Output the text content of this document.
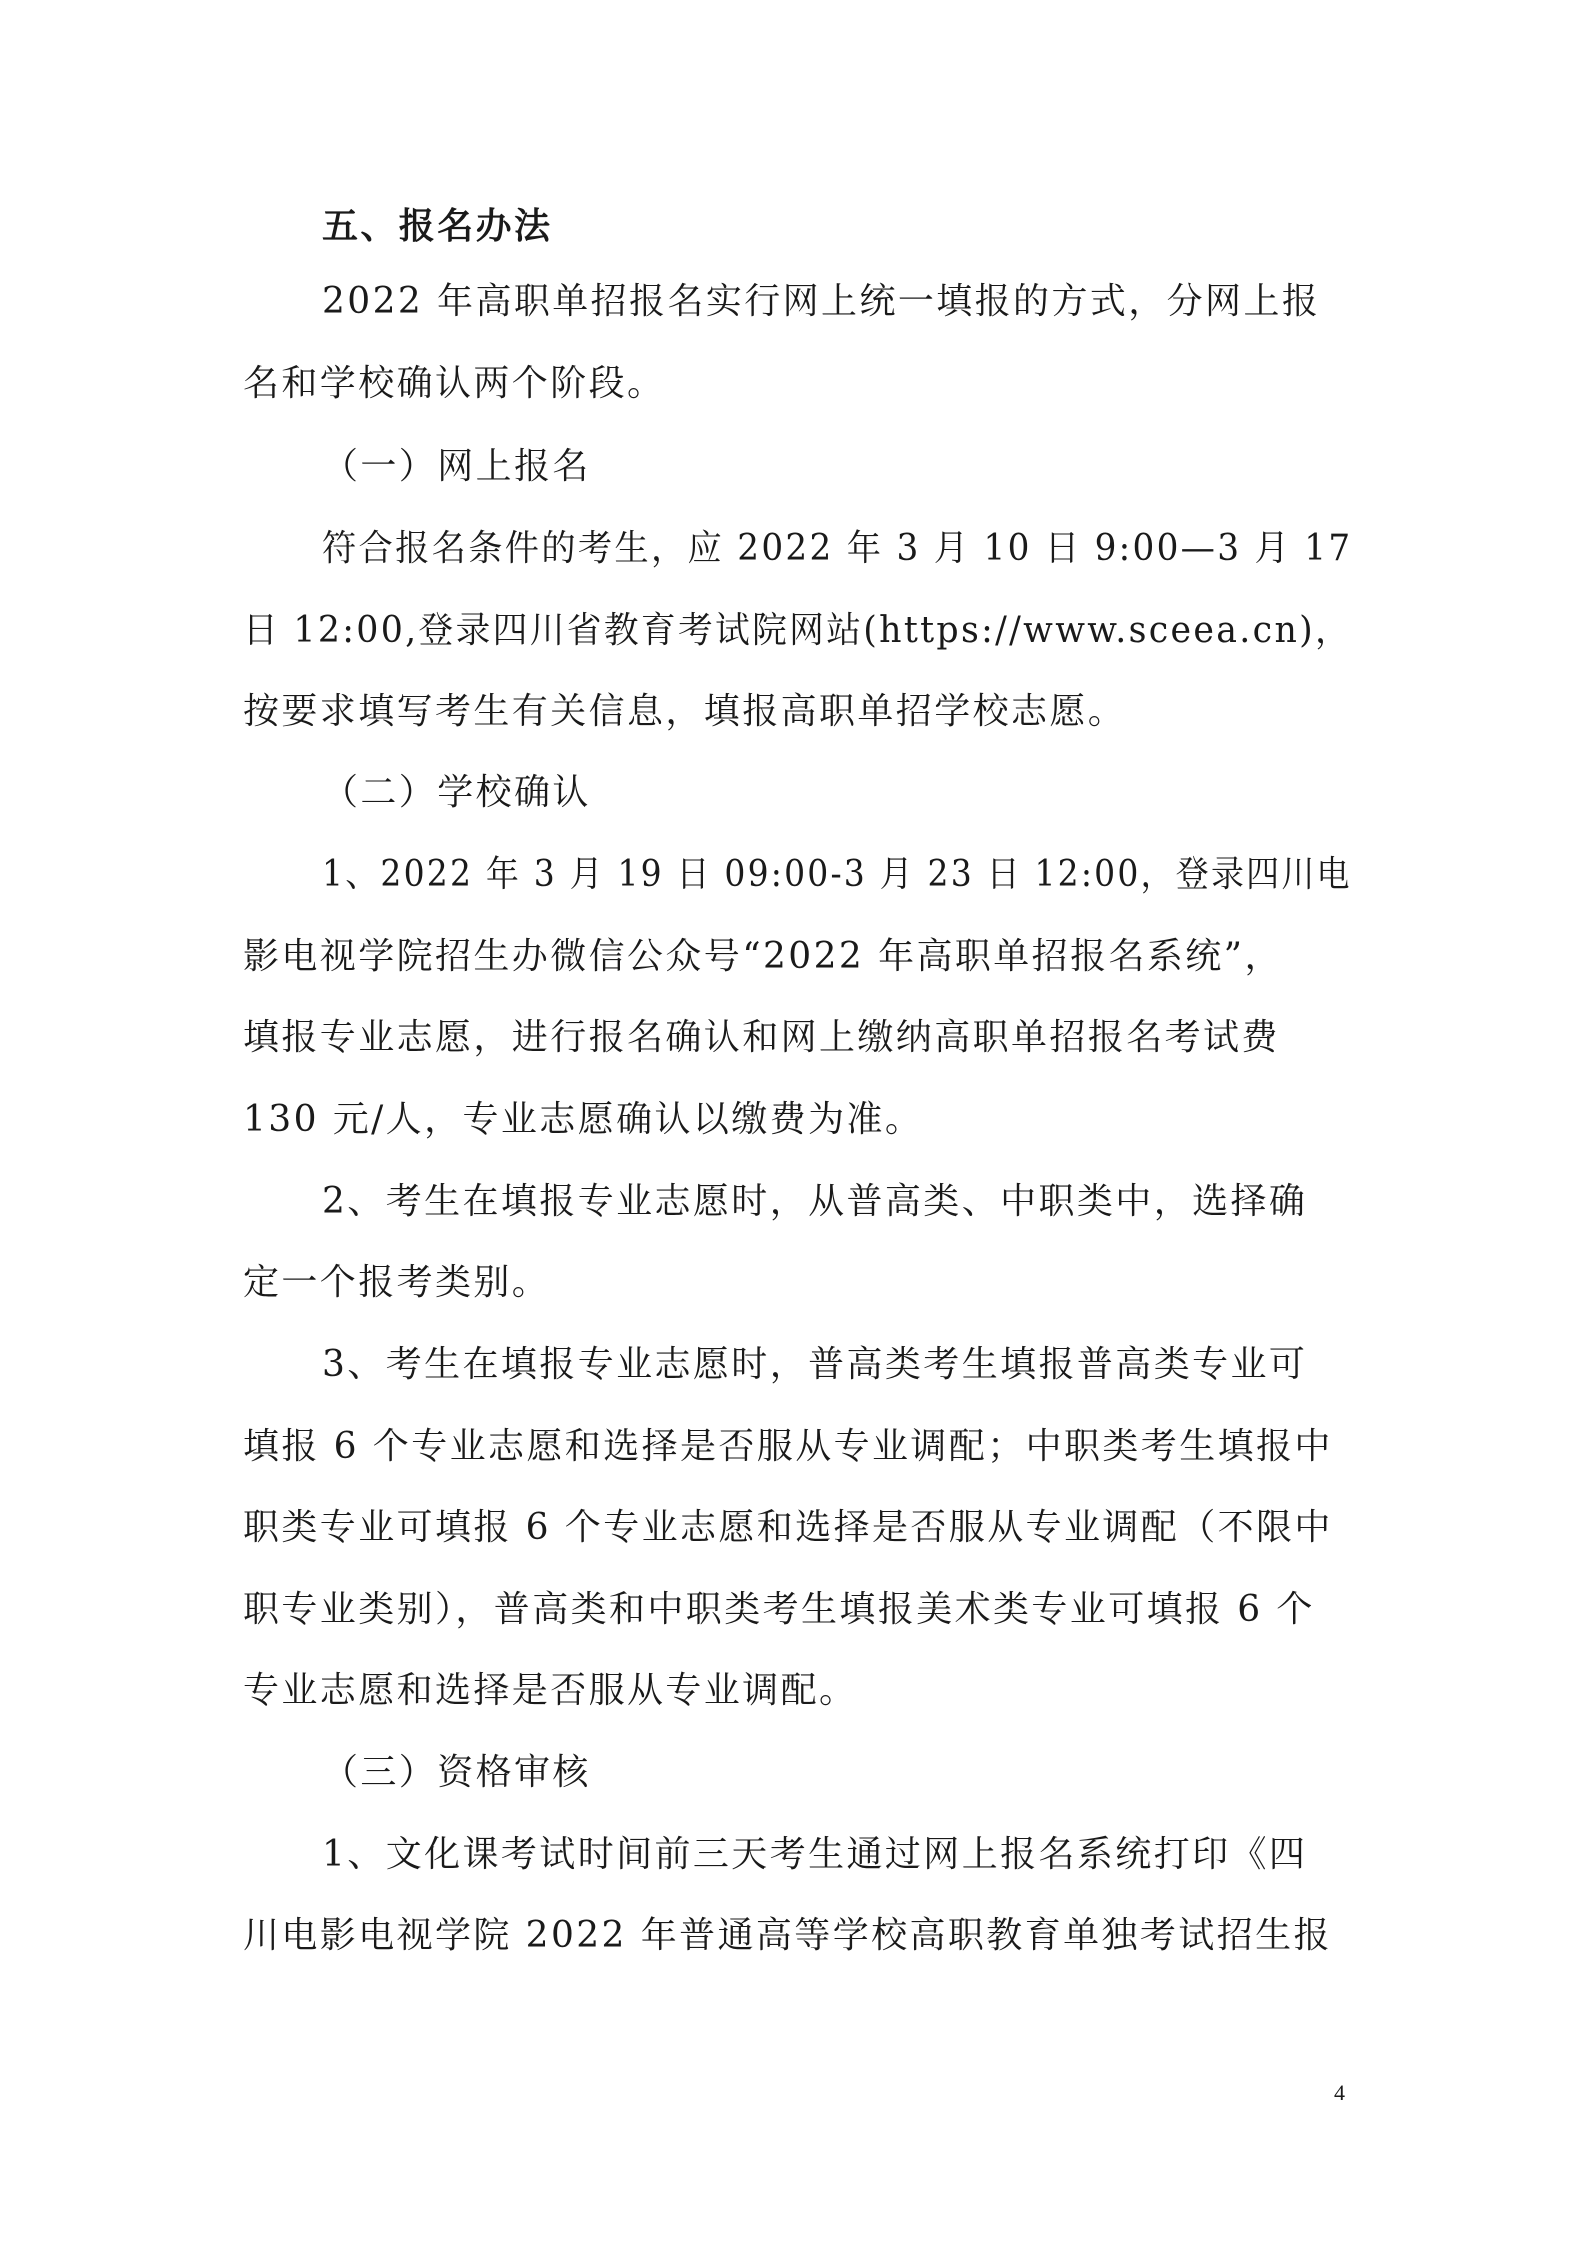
五、报名办法
2022 年高职单招报名实行网上统一填报的方式，分网上报
名和学校确认两个阶段。
（一）网上报名
符合报名条件的考生，应 2022 年 3 月 10 日 9:00—3 月 17
日 12:00,登录四川省教育考试院网站(https://www.sceea.cn)，
按要求填写考生有关信息，填报高职单招学校志愿。
（二）学校确认
1、2022 年 3 月 19 日 09:00-3 月 23 日 12:00，登录四川电
影电视学院招生办微信公众号“2022 年高职单招报名系统”，
填报专业志愿，进行报名确认和网上缴纳高职单招报名考试费
130 元/人，专业志愿确认以缴费为准。
2、考生在填报专业志愿时，从普高类、中职类中，选择确
定一个报考类别。
3、考生在填报专业志愿时，普高类考生填报普高类专业可
填报 6 个专业志愿和选择是否服从专业调配；中职类考生填报中
职类专业可填报 6 个专业志愿和选择是否服从专业调配（不限中
职专业类别），普高类和中职类考生填报美术类专业可填报 6 个
专业志愿和选择是否服从专业调配。
（三）资格审核
1、文化课考试时间前三天考生通过网上报名系统打印《四
川电影电视学院 2022 年普通高等学校高职教育单独考试招生报
4
